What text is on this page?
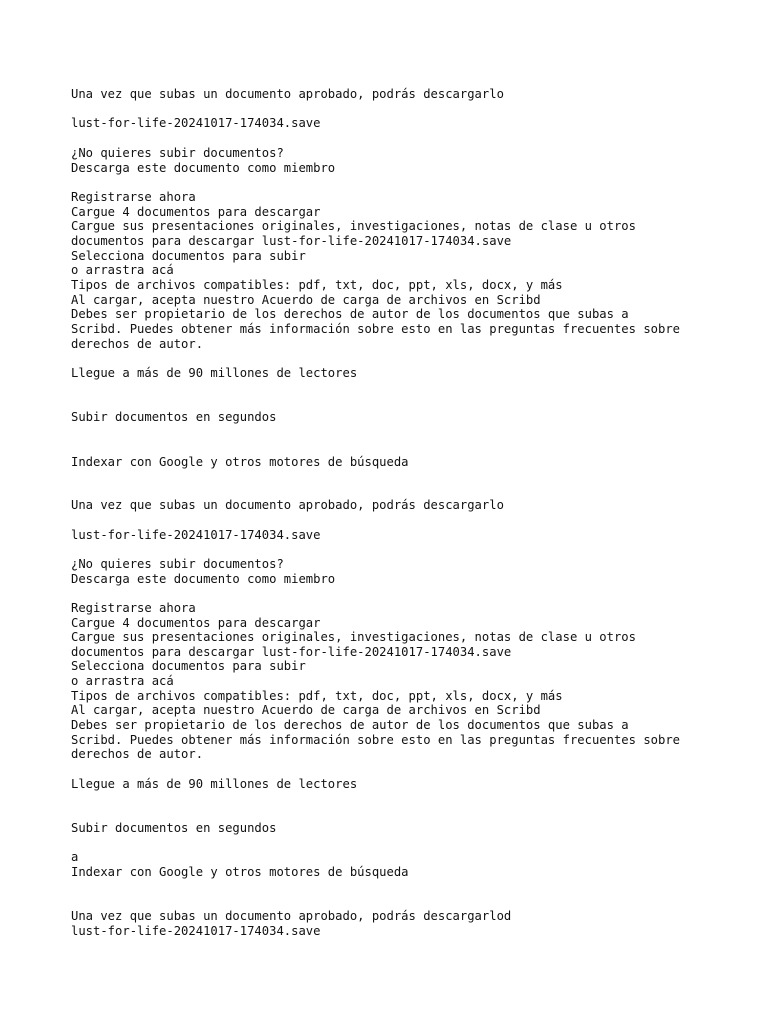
Una vez que subas un documento aprobado, podrás descargarlo

lust-for-life-20241017-174034.save

¿No quieres subir documentos?

Descarga este documento como miembro

Registrarse ahora

Cargue 4 documentos para descargar

Cargue sus presentaciones originales, investigaciones, notas de clase u otros

documentos para descargar lust-for-life-20241017-174034.save

Selecciona documentos para subir

o arrastra acá

Tipos de archivos compatibles: pdf, txt, doc, ppt, xls, docx, y más

Al cargar, acepta nuestro Acuerdo de carga de archivos en Scribd

Debes ser propietario de los derechos de autor de los documentos que subas a

Scribd. Puedes obtener más información sobre esto en las preguntas frecuentes sobre

derechos de autor.

Llegue a más de 90 millones de lectores

Subir documentos en segundos

Indexar con Google y otros motores de búsqueda

Una vez que subas un documento aprobado, podrás descargarlo

lust-for-life-20241017-174034.save

¿No quieres subir documentos?

Descarga este documento como miembro

Registrarse ahora

Cargue 4 documentos para descargar

Cargue sus presentaciones originales, investigaciones, notas de clase u otros

documentos para descargar lust-for-life-20241017-174034.save

Selecciona documentos para subir

o arrastra acá

Tipos de archivos compatibles: pdf, txt, doc, ppt, xls, docx, y más

Al cargar, acepta nuestro Acuerdo de carga de archivos en Scribd

Debes ser propietario de los derechos de autor de los documentos que subas a

Scribd. Puedes obtener más información sobre esto en las preguntas frecuentes sobre

derechos de autor.

Llegue a más de 90 millones de lectores

Subir documentos en segundos

a

Indexar con Google y otros motores de búsqueda

Una vez que subas un documento aprobado, podrás descargarlod

lust-for-life-20241017-174034.save
